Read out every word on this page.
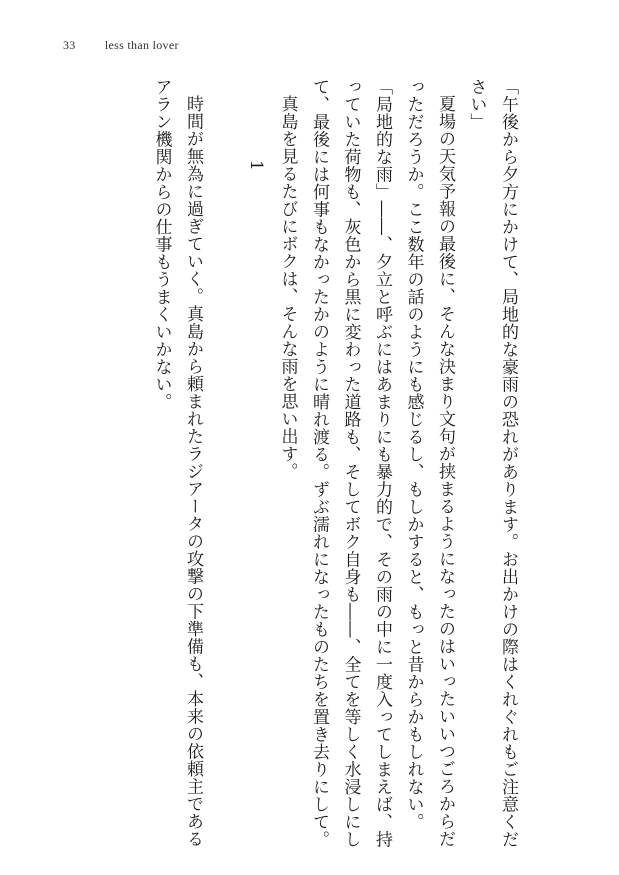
33 less than lover

「午後から夕方にかけて、局地的な豪雨の恐れがあります。お出かけの際はくれぐれもご注意ください」

夏場の天気予報の最後に、そんな決まり文句が挟まるようになったのはいったいいつごろからだっただろうか。ここ数年の話のようにも感じるし、もしかすると、もっと昔からかもしれない。「局地的な雨」――、夕立と呼ぶにはあまりにも暴力的で、その雨の中に一度入ってしまえば、持っていた荷物も、灰色から黒に変わった道路も、そしてボク自身も――、全てを等しく水浸しにして、最後には何事もなかったかのように晴れ渡る。ずぶ濡れになったものたちを置き去りにして。

真島を見るたびにボクは、そんな雨を思い出す。

1

時間が無為に過ぎていく。真島から頼まれたラジアータの攻撃の下準備も、本来の依頼主であるアラン機関からの仕事もうまくいかない。
